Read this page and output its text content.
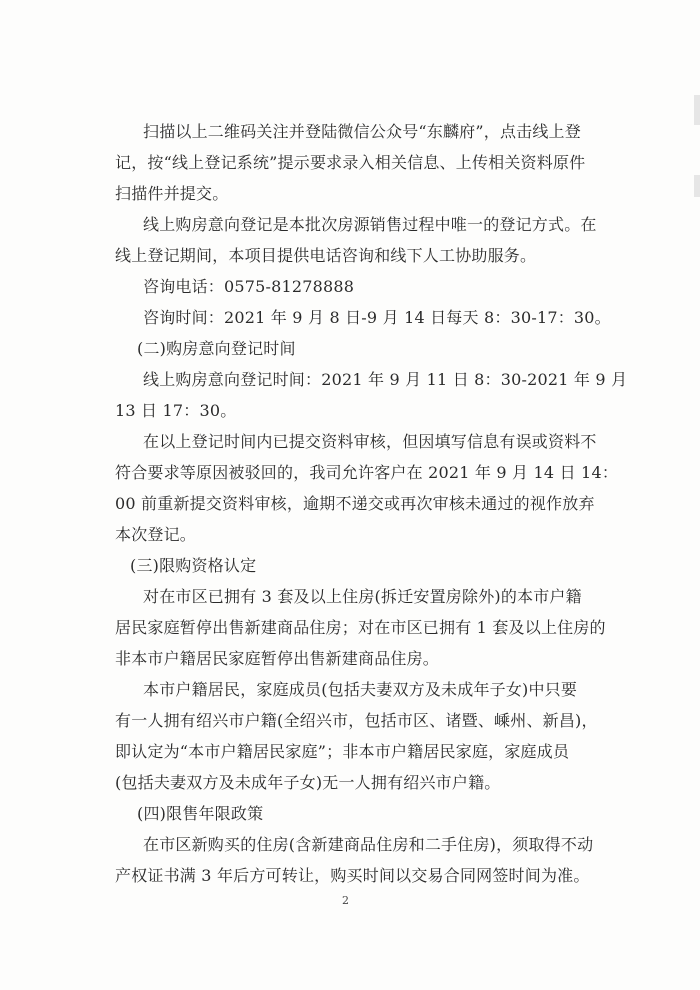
扫描以上二维码关注并登陆微信公众号“东麟府”，点击线上登
记，按“线上登记系统”提示要求录入相关信息、上传相关资料原件
扫描件并提交。
线上购房意向登记是本批次房源销售过程中唯一的登记方式。在
线上登记期间，本项目提供电话咨询和线下人工协助服务。
咨询电话：0575-81278888
咨询时间：2021 年 9 月 8 日-9 月 14 日每天 8：30-17：30。
(二)购房意向登记时间
线上购房意向登记时间：2021 年 9 月 11 日 8：30-2021 年 9 月
13 日 17：30。
在以上登记时间内已提交资料审核，但因填写信息有误或资料不
符合要求等原因被驳回的，我司允许客户在 2021 年 9 月 14 日 14：
00 前重新提交资料审核，逾期不递交或再次审核未通过的视作放弃
本次登记。
(三)限购资格认定
对在市区已拥有 3 套及以上住房(拆迁安置房除外)的本市户籍
居民家庭暂停出售新建商品住房；对在市区已拥有 1 套及以上住房的
非本市户籍居民家庭暂停出售新建商品住房。
本市户籍居民，家庭成员(包括夫妻双方及未成年子女)中只要
有一人拥有绍兴市户籍(全绍兴市，包括市区、诸暨、嵊州、新昌)，
即认定为“本市户籍居民家庭”；非本市户籍居民家庭，家庭成员
(包括夫妻双方及未成年子女)无一人拥有绍兴市户籍。
(四)限售年限政策
在市区新购买的住房(含新建商品住房和二手住房)，须取得不动
产权证书满 3 年后方可转让，购买时间以交易合同网签时间为准。
2
